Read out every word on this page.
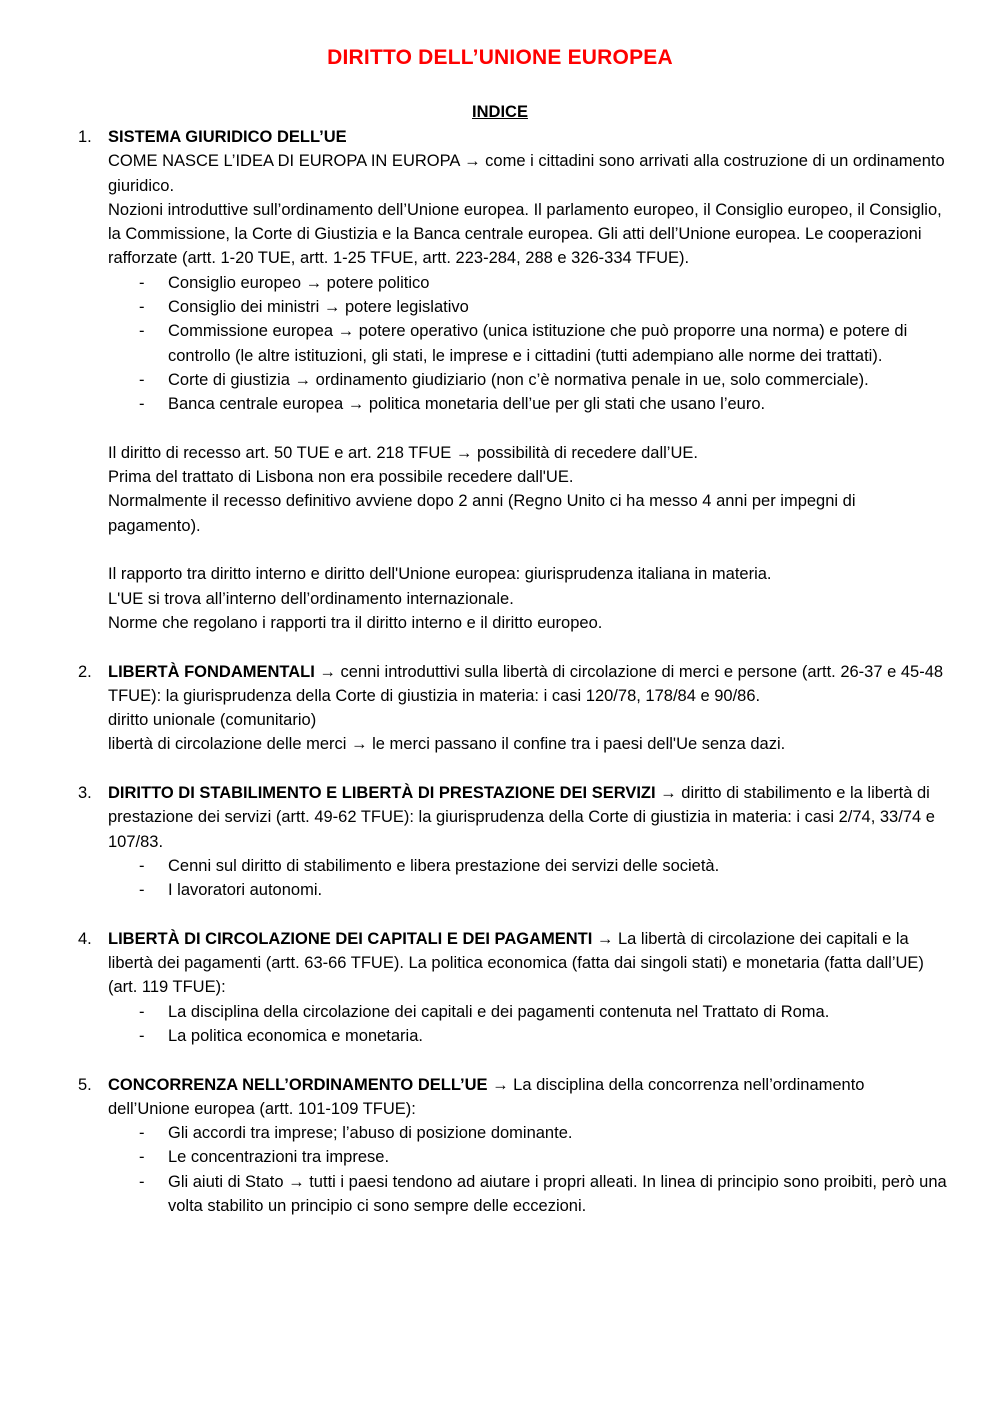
DIRITTO DELL’UNIONE EUROPEA
INDICE
1. SISTEMA GIURIDICO DELL’UE
COME NASCE L’IDEA DI EUROPA IN EUROPA → come i cittadini sono arrivati alla costruzione di un ordinamento giuridico.
Nozioni introduttive sull’ordinamento dell’Unione europea. Il parlamento europeo, il Consiglio europeo, il Consiglio, la Commissione, la Corte di Giustizia e la Banca centrale europea. Gli atti dell’Unione europea. Le cooperazioni rafforzate (artt. 1-20 TUE, artt. 1-25 TFUE, artt. 223-284, 288 e 326-334 TFUE).
- Consiglio europeo → potere politico
- Consiglio dei ministri → potere legislativo
- Commissione europea → potere operativo (unica istituzione che può proporre una norma) e potere di controllo (le altre istituzioni, gli stati, le imprese e i cittadini (tutti adempiano alle norme dei trattati).
- Corte di giustizia → ordinamento giudiziario (non c’è normativa penale in ue, solo commerciale).
- Banca centrale europea → politica monetaria dell’ue per gli stati che usano l’euro.
Il diritto di recesso art. 50 TUE e art. 218 TFUE → possibilità di recedere dall’UE.
Prima del trattato di Lisbona non era possibile recedere dall'UE.
Normalmente il recesso definitivo avviene dopo 2 anni (Regno Unito ci ha messo 4 anni per impegni di pagamento).
Il rapporto tra diritto interno e diritto dell'Unione europea: giurisprudenza italiana in materia.
L'UE si trova all’interno dell’ordinamento internazionale.
Norme che regolano i rapporti tra il diritto interno e il diritto europeo.
2. LIBERTÀ FONDAMENTALI → cenni introduttivi sulla libertà di circolazione di merci e persone (artt. 26-37 e 45-48 TFUE): la giurisprudenza della Corte di giustizia in materia: i casi 120/78, 178/84 e 90/86.
diritto unionale (comunitario)
libertà di circolazione delle merci → le merci passano il confine tra i paesi dell'Ue senza dazi.
3. DIRITTO DI STABILIMENTO E LIBERTÀ DI PRESTAZIONE DEI SERVIZI → diritto di stabilimento e la libertà di prestazione dei servizi (artt. 49-62 TFUE): la giurisprudenza della Corte di giustizia in materia: i casi 2/74, 33/74 e 107/83.
- Cenni sul diritto di stabilimento e libera prestazione dei servizi delle società.
- I lavoratori autonomi.
4. LIBERTÀ DI CIRCOLAZIONE DEI CAPITALI E DEI PAGAMENTI → La libertà di circolazione dei capitali e la libertà dei pagamenti (artt. 63-66 TFUE). La politica economica (fatta dai singoli stati) e monetaria (fatta dall’UE) (art. 119 TFUE):
- La disciplina della circolazione dei capitali e dei pagamenti contenuta nel Trattato di Roma.
- La politica economica e monetaria.
5. CONCORRENZA NELL’ORDINAMENTO DELL’UE → La disciplina della concorrenza nell’ordinamento dell’Unione europea (artt. 101-109 TFUE):
- Gli accordi tra imprese; l’abuso di posizione dominante.
- Le concentrazioni tra imprese.
- Gli aiuti di Stato → tutti i paesi tendono ad aiutare i propri alleati. In linea di principio sono proibiti, però una volta stabilito un principio ci sono sempre delle eccezioni.
